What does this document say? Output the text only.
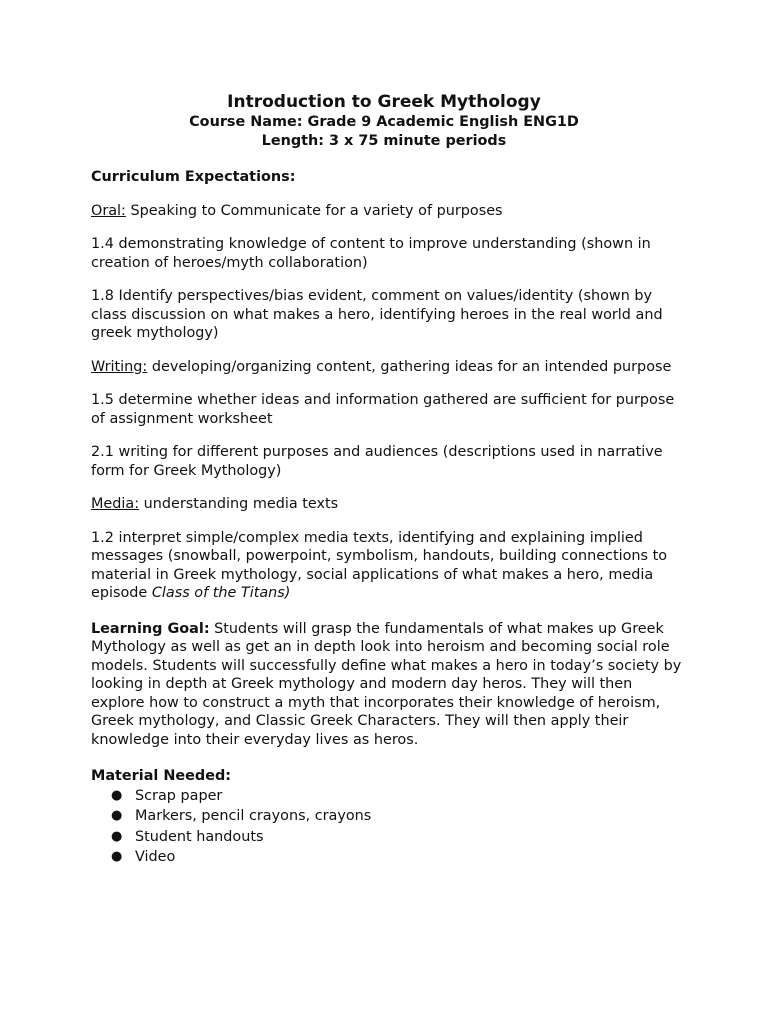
Introduction to Greek Mythology

Course Name: Grade 9 Academic English ENG1D

Length: 3 x 75 minute periods

Curriculum Expectations:

Oral: Speaking to Communicate for a variety of purposes

1.4 demonstrating knowledge of content to improve understanding (shown in creation of heroes/myth collaboration)

1.8 Identify perspectives/bias evident, comment on values/identity (shown by class discussion on what makes a hero, identifying heroes in the real world and greek mythology)

Writing: developing/organizing content, gathering ideas for an intended purpose

1.5 determine whether ideas and information gathered are sufficient for purpose of assignment worksheet

2.1 writing for different purposes and audiences (descriptions used in narrative form for Greek Mythology)

Media: understanding media texts

1.2 interpret simple/complex media texts, identifying and explaining implied messages (snowball, powerpoint, symbolism, handouts, building connections to material in Greek mythology, social applications of what makes a hero, media episode Class of the Titans)

Learning Goal: Students will grasp the fundamentals of what makes up Greek Mythology as well as get an in depth look into heroism and becoming social role models. Students will successfully define what makes a hero in today’s society by looking in depth at Greek mythology and modern day heros. They will then explore how to construct a myth that incorporates their knowledge of heroism, Greek mythology, and Classic Greek Characters. They will then apply their knowledge into their everyday lives as heros.

Material Needed:

● Scrap paper
● Markers, pencil crayons, crayons
● Student handouts
● Video
